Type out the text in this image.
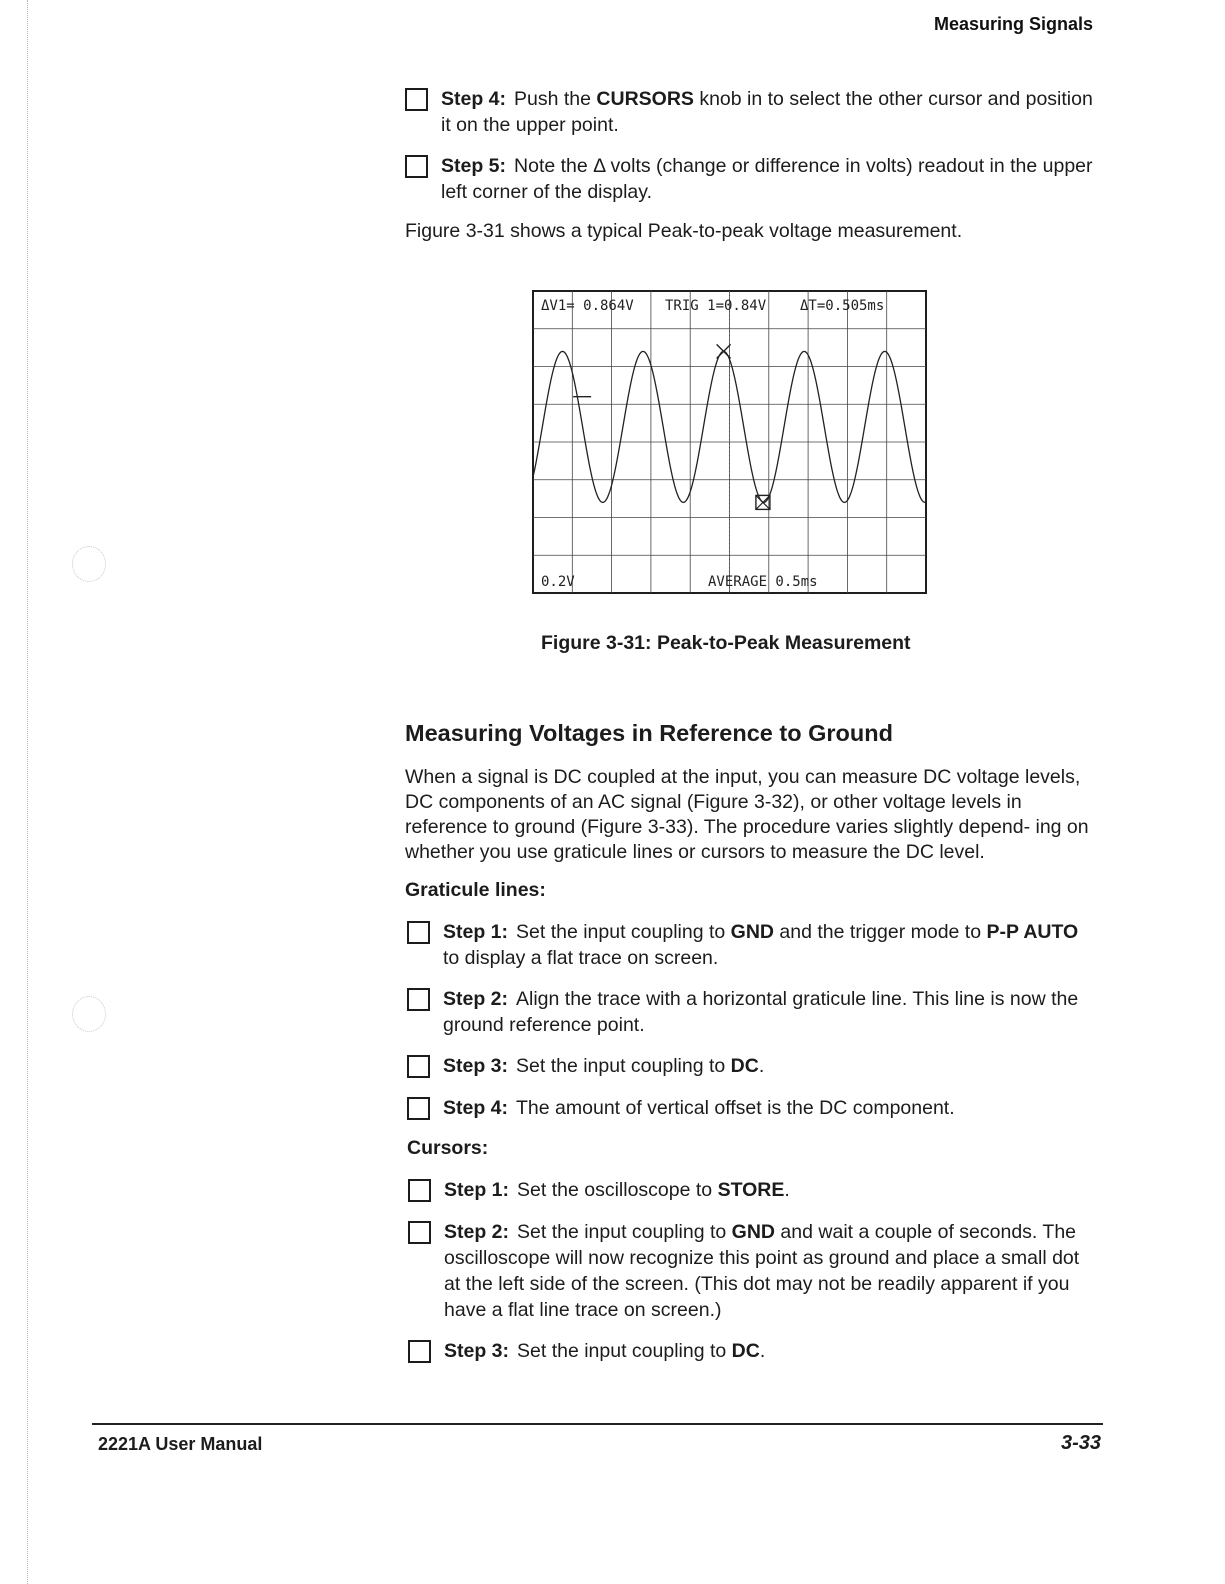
Measuring Signals
Step 4: Push the CURSORS knob in to select the other cursor and position it on the upper point.
Step 5: Note the Δ volts (change or difference in volts) readout in the upper left corner of the display.
Figure 3-31 shows a typical Peak-to-peak voltage measurement.
ΔV1= 0.864V TRIG 1=0.84V ΔT=0.505ms
0.2V	AVERAGE 0.5ms
Figure 3-31: Peak-to-Peak Measurement
Measuring Voltages in Reference to Ground
When a signal is DC coupled at the input, you can measure DC voltage levels, DC components of an AC signal (Figure 3-32), or other voltage levels in reference to ground (Figure 3-33). The procedure varies slightly depend- ing on whether you use graticule lines or cursors to measure the DC level.
Graticule lines:
Step 1: Set the input coupling to GND and the trigger mode to P-P AUTO to display a flat trace on screen.
Step 2: Align the trace with a horizontal graticule line. This line is now the ground reference point.
Step 3: Set the input coupling to DC.
Step 4: The amount of vertical offset is the DC component.
Cursors:
Step 1: Set the oscilloscope to STORE.
Step 2: Set the input coupling to GND and wait a couple of seconds. The oscilloscope will now recognize this point as ground and place a small dot at the left side of the screen. (This dot may not be readily apparent if you have a flat line trace on screen.)
Step 3: Set the input coupling to DC.
2221A User Manual	3-33
